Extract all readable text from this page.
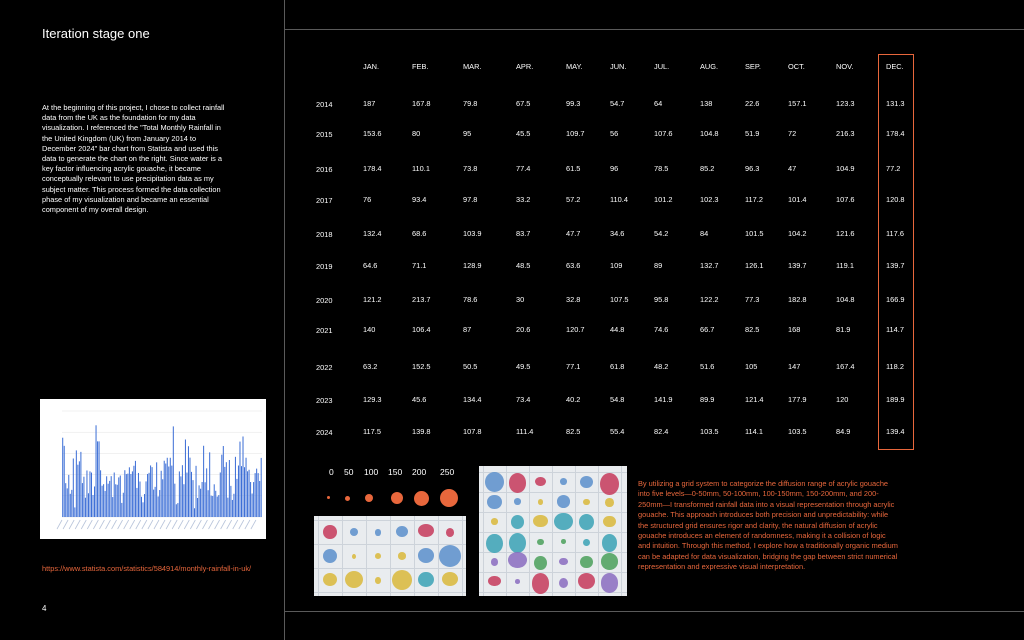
Iteration stage one
At the beginning of this project, I chose to collect rainfall data from the UK as the foundation for my data visualization. I referenced the "Total Monthly Rainfall in the United Kingdom (UK) from January 2014 to December 2024" bar chart from Statista and used this data to generate the chart on the right. Since water is a key factor influencing acrylic gouache, it became conceptually relevant to use precipitation data as my subject matter. This process formed the data collection phase of my visualization and became an essential component of my overall design.
https://www.statista.com/statistics/584914/monthly-rainfall-in-uk/
4
JAN.	FEB.	MAR.	APR.	MAY.	JUN.	JUL.	AUG.	SEP.	OCT.	NOV.	DEC.
2014	187	167.8	79.8	67.5	99.3	54.7	64	138	22.6	157.1	123.3	131.3
2015	153.6	80	95	45.5	109.7	56	107.6	104.8	51.9	72	216.3	178.4
2016	178.4	110.1	73.8	77.4	61.5	96	78.5	85.2	96.3	47	104.9	77.2
2017	76	93.4	97.8	33.2	57.2	110.4	101.2	102.3	117.2	101.4	107.6	120.8
2018	132.4	68.6	103.9	83.7	47.7	34.6	54.2	84	101.5	104.2	121.6	117.6
2019	64.6	71.1	128.9	48.5	63.6	109	89	132.7	126.1	139.7	119.1	139.7
2020	121.2	213.7	78.6	30	32.8	107.5	95.8	122.2	77.3	182.8	104.8	166.9
2021	140	106.4	87	20.6	120.7	44.8	74.6	66.7	82.5	168	81.9	114.7
2022	63.2	152.5	50.5	49.5	77.1	61.8	48.2	51.6	105	147	167.4	118.2
2023	129.3	45.6	134.4	73.4	40.2	54.8	141.9	89.9	121.4	177.9	120	189.9
2024	117.5	139.8	107.8	111.4	82.5	55.4	82.4	103.5	114.1	103.5	84.9	139.4
0 50 100 150 200 250
By utilizing a grid system to categorize the diffusion range of acrylic gouache into five levels—0-50mm, 50-100mm, 100-150mm, 150-200mm, and 200-250mm—I transformed rainfall data into a visual representation through acrylic gouache. This approach introduces both precision and unpredictability: while the structured grid ensures rigor and clarity, the natural diffusion of acrylic gouache introduces an element of randomness, making it a collision of logic and intuition. Through this method, I explore how a traditionally organic medium can be adapted for data visualization, bridging the gap between strict numerical representation and expressive visual interpretation.
